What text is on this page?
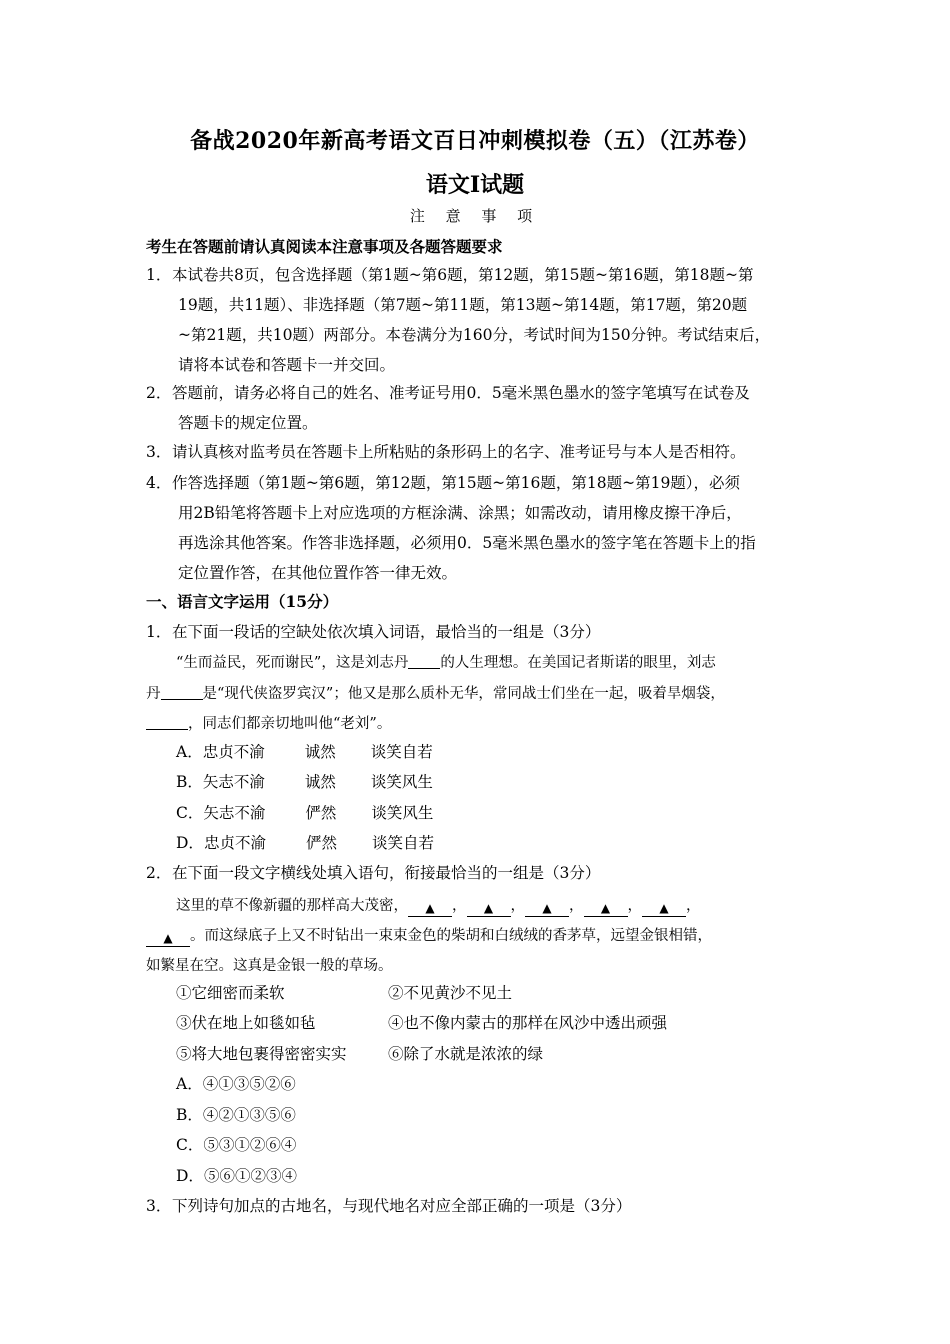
备战2020年新高考语文百日冲刺模拟卷（五）（江苏卷）
语文Ⅰ试题
注 意 事 项
考生在答题前请认真阅读本注意事项及各题答题要求
1．本试卷共8页，包含选择题（第1题~第6题，第12题，第15题~第16题，第18题~第
19题，共11题）、非选择题（第7题~第11题，第13题~第14题，第17题，第20题
~第21题，共10题）两部分。本卷满分为160分，考试时间为150分钟。考试结束后，
请将本试卷和答题卡一并交回。
2．答题前，请务必将自己的姓名、准考证号用0．5毫米黑色墨水的签字笔填写在试卷及
答题卡的规定位置。
3．请认真核对监考员在答题卡上所粘贴的条形码上的名字、准考证号与本人是否相符。
4．作答选择题（第1题~第6题，第12题，第15题~第16题，第18题~第19题），必须
用2B铅笔将答题卡上对应选项的方框涂满、涂黑；如需改动，请用橡皮擦干净后，
再选涂其他答案。作答非选择题，必须用0．5毫米黑色墨水的签字笔在答题卡上的指
定位置作答，在其他位置作答一律无效。
一、语言文字运用（15分）
1．在下面一段话的空缺处依次填入词语，最恰当的一组是（3分）
“生而益民，死而谢民”，这是刘志丹 的人生理想。在美国记者斯诺的眼里，刘志
丹	是“现代侠盗罗宾汉”；他又是那么质朴无华，常同战士们坐在一起，吸着旱烟袋，
，同志们都亲切地叫他“老刘”。
A．忠贞不渝	诚然 谈笑自若
B．矢志不渝	诚然 谈笑风生
C．矢志不渝	俨然 谈笑风生
D．忠贞不渝	俨然 谈笑自若
2．在下面一段文字横线处填入语句，衔接最恰当的一组是（3分）
这里的草不像新疆的那样高大茂密， ▲ ， ▲ ， ▲ ， ▲ ， ▲ ，
▲ 。而这绿底子上又不时钻出一束束金色的柴胡和白绒绒的香茅草，远望金银相错，
如繁星在空。这真是金银一般的草场。
①它细密而柔软	②不见黄沙不见土
③伏在地上如毯如毡	④也不像内蒙古的那样在风沙中透出顽强
⑤将大地包裹得密密实实	⑥除了水就是浓浓的绿
A．④①③⑤②⑥
B．④②①③⑤⑥
C．⑤③①②⑥④
D．⑤⑥①②③④
3．下列诗句加点的古地名，与现代地名对应全部正确的一项是（3分）
